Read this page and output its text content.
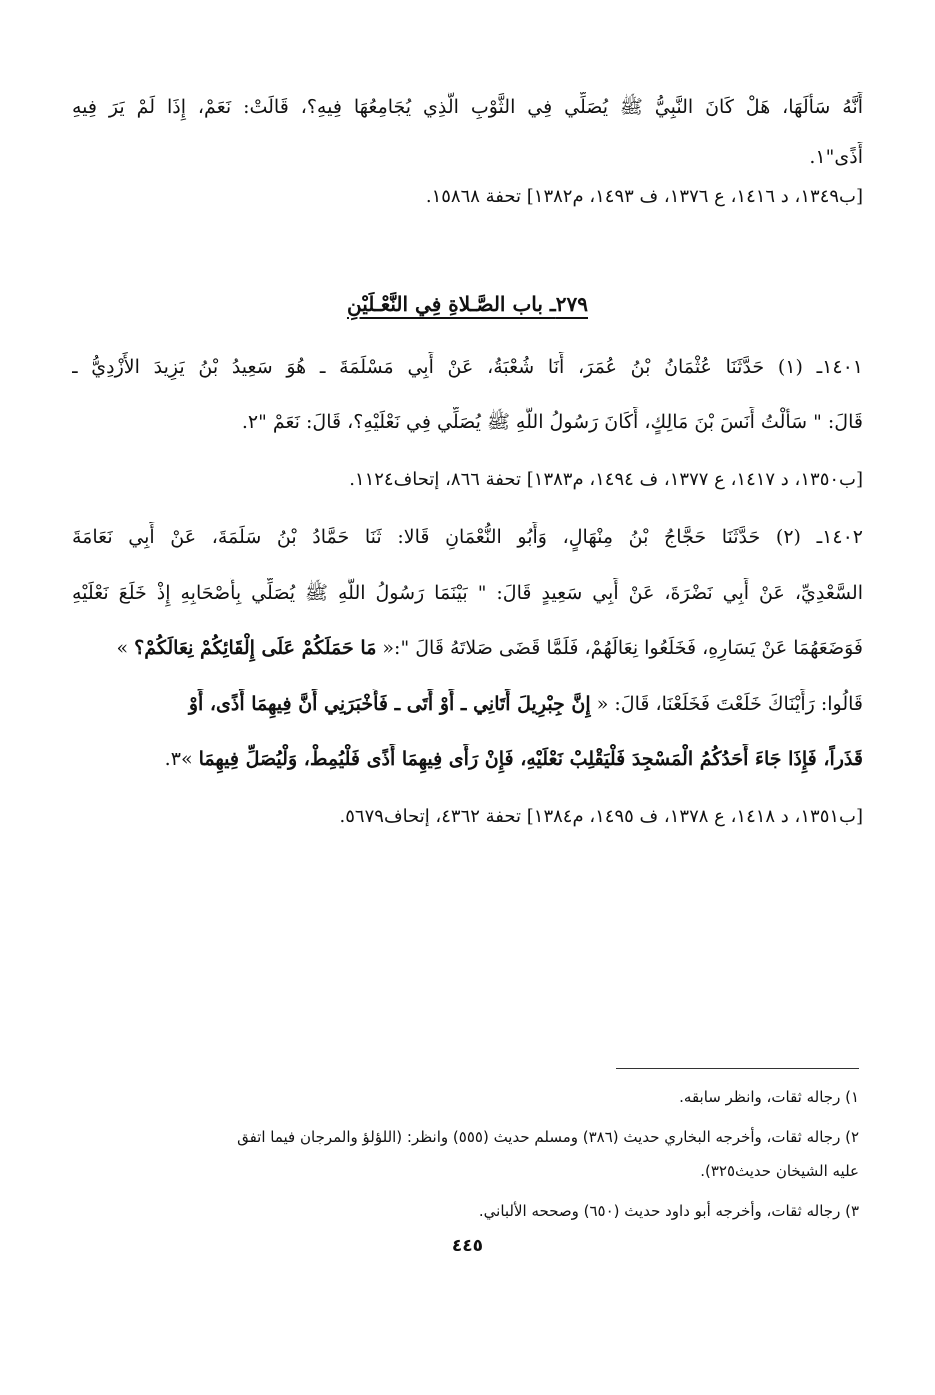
أَنَّهُ سَأَلَهَا، هَلْ كَانَ النَّبِيُّ ﷺ يُصَلِّي فِي الثَّوْبِ الَّذِي يُجَامِعُهَا فِيهِ؟، قَالَتْ: نَعَمْ، إِذَا لَمْ يَرَ فِيهِ
أَذًى"١.
[ب١٣٤٩، د ١٤١٦، ع ١٣٧٦، ف ١٤٩٣، م١٣٨٢] تحفة ١٥٨٦٨.
٢٧٩ـ باب الصَّـلاةِ فِي النَّعْـلَيْنِ
١٤٠١ـ (١) حَدَّثَنَا عُثْمَانُ بْنُ عُمَرَ، أَنَا شُعْبَةُ، عَنْ أَبِي مَسْلَمَةَ ـ هُوَ سَعِيدُ بْنُ يَزِيدَ الأَزْدِيُّ ـ
قَالَ: " سَأَلْتُ أَنَسَ بْنَ مَالِكٍ، أَكَانَ رَسُولُ اللَّهِ ﷺ يُصَلِّي فِي نَعْلَيْهِ؟، قَالَ: نَعَمْ "٢.
[ب١٣٥٠، د ١٤١٧، ع ١٣٧٧، ف ١٤٩٤، م١٣٨٣] تحفة ٨٦٦، إتحاف١١٢٤.
١٤٠٢ـ (٢) حَدَّثَنَا حَجَّاجُ بْنُ مِنْهَالٍ، وَأَبُو النُّعْمَانِ قَالا: ثَنَا حَمَّادُ بْنُ سَلَمَةَ، عَنْ أَبِي نَعَامَةَ
السَّعْدِيِّ، عَنْ أَبِي نَضْرَةَ، عَنْ أَبِي سَعِيدٍ قَالَ: " بَيْنَمَا رَسُولُ اللَّهِ ﷺ يُصَلِّي بِأَصْحَابِهِ إِذْ خَلَعَ نَعْلَيْهِ
فَوَضَعَهُمَا عَنْ يَسَارِهِ، فَخَلَعُوا نِعَالَهُمْ، فَلَمَّا قَضَى صَلاتَهُ قَالَ ":« مَا حَمَلَكُمْ عَلَى إِلْقَائِكُمْ نِعَالَكُمْ؟ »
قَالُوا: رَأَيْنَاكَ خَلَعْتَ فَخَلَعْنَا، قَالَ: « إِنَّ جِبْرِيلَ أَتَانِي ـ أَوْ أَتَى ـ فَأَخْبَرَنِي أَنَّ فِيهِمَا أَذًى، أَوْ
قَذَراً، فَإِذَا جَاءَ أَحَدُكُمُ الْمَسْجِدَ فَلْيَقْلِبْ نَعْلَيْهِ، فَإِنْ رَأَى فِيهِمَا أَذًى فَلْيُمِطْ، وَلْيُصَلِّ فِيهِمَا »٣.
[ب١٣٥١، د ١٤١٨، ع ١٣٧٨، ف ١٤٩٥، م١٣٨٤] تحفة ٤٣٦٢، إتحاف٥٦٧٩.
١) رجاله ثقات، وانظر سابقه.
٢) رجاله ثقات، وأخرجه البخاري حديث (٣٨٦) ومسلم حديث (٥٥٥) وانظر: (اللؤلؤ والمرجان فيما اتفق
عليه الشيخان حديث٣٢٥).
٣) رجاله ثقات، وأخرجه أبو داود حديث (٦٥٠) وصححه الألباني.
٤٤٥
